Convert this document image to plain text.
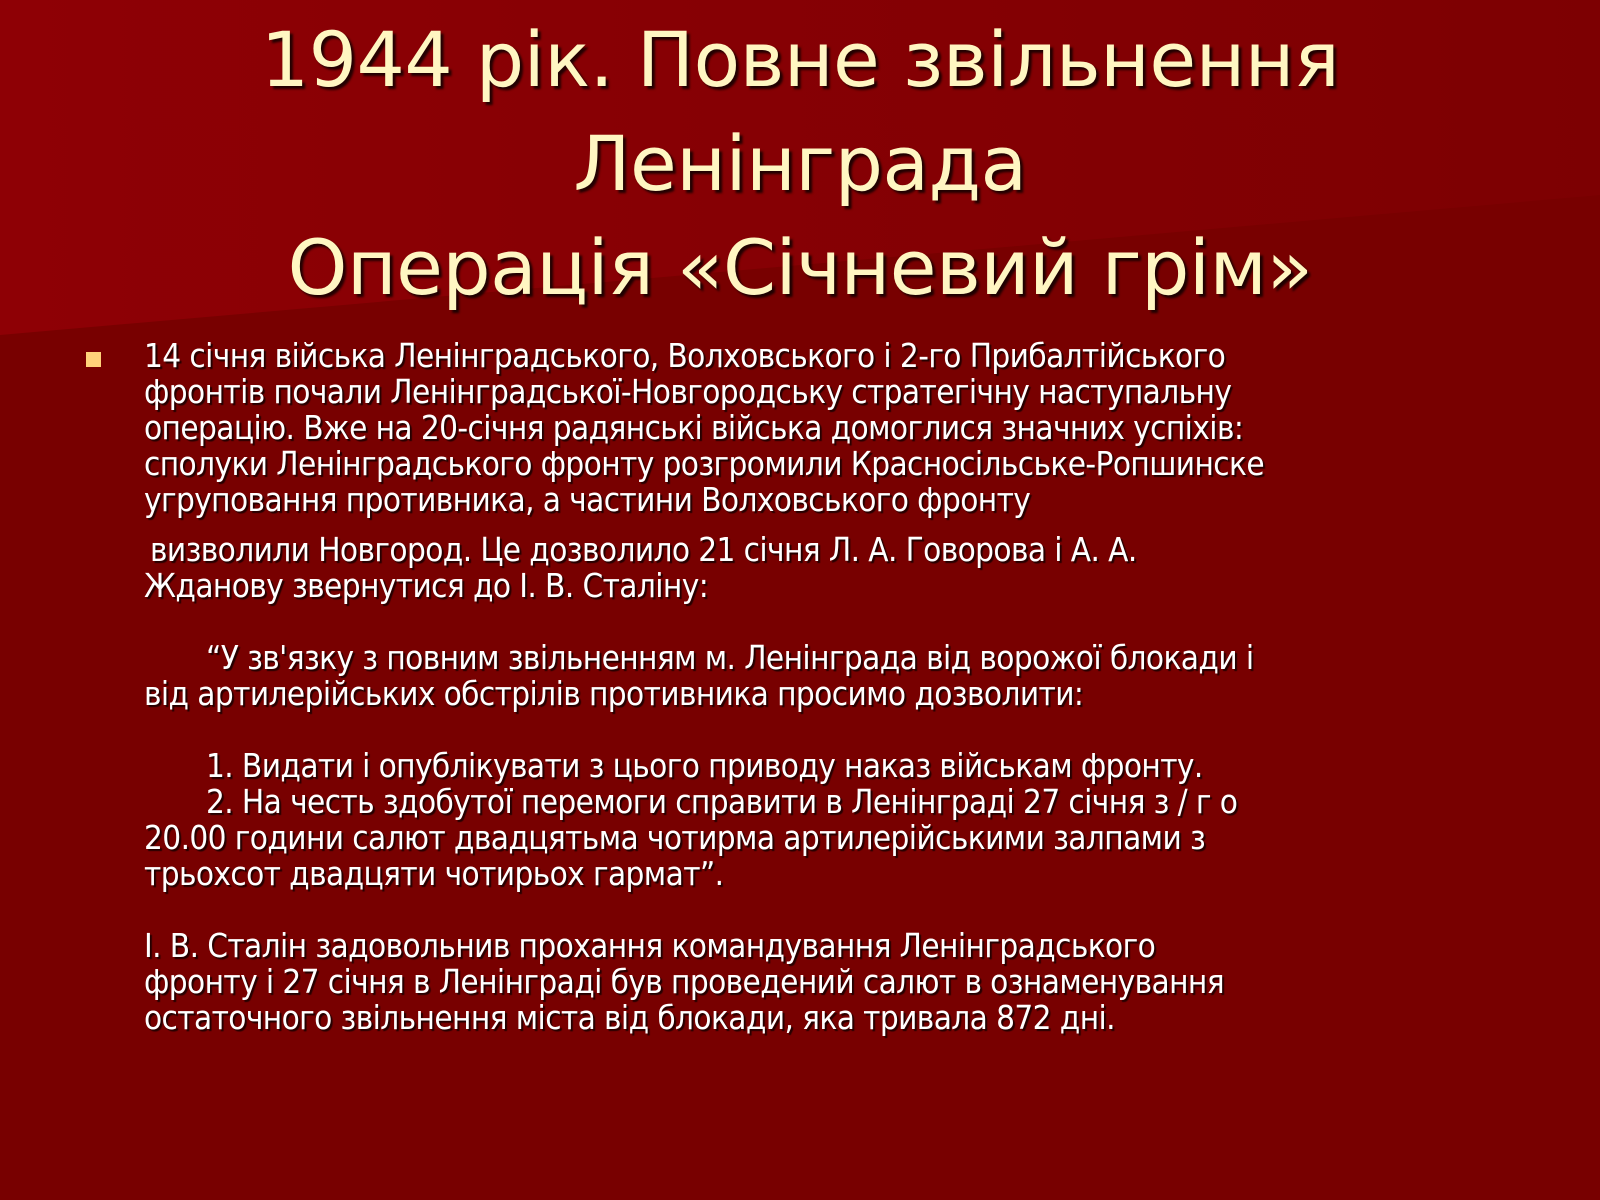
1944 рік. Повне звільнення
Ленінграда
Операція «Січневий грім»
14 січня війська Ленінградського, Волховського і 2-го Прибалтійського
фронтів почали Ленінградської-Новгородську стратегічну наступальну
операцію. Вже на 20-січня радянські війська домоглися значних успіхів:
сполуки Ленінградського фронту розгромили Красносільське-Ропшинске
угруповання противника, а частини Волховського фронту
визволили Новгород. Це дозволило 21 січня Л. А. Говорова і А. А.
Жданову звернутися до І. В. Сталіну:
“У зв'язку з повним звільненням м. Ленінграда від ворожої блокади і
від артилерійських обстрілів противника просимо дозволити:
1. Видати і опублікувати з цього приводу наказ військам фронту.
2. На честь здобутої перемоги справити в Ленінграді 27 січня з / г о
20.00 години салют двадцятьма чотирма артилерійськими залпами з
трьохсот двадцяти чотирьох гармат”.
І. В. Сталін задовольнив прохання командування Ленінградського
фронту і 27 січня в Ленінграді був проведений салют в ознаменування
остаточного звільнення міста від блокади, яка тривала 872 дні.
